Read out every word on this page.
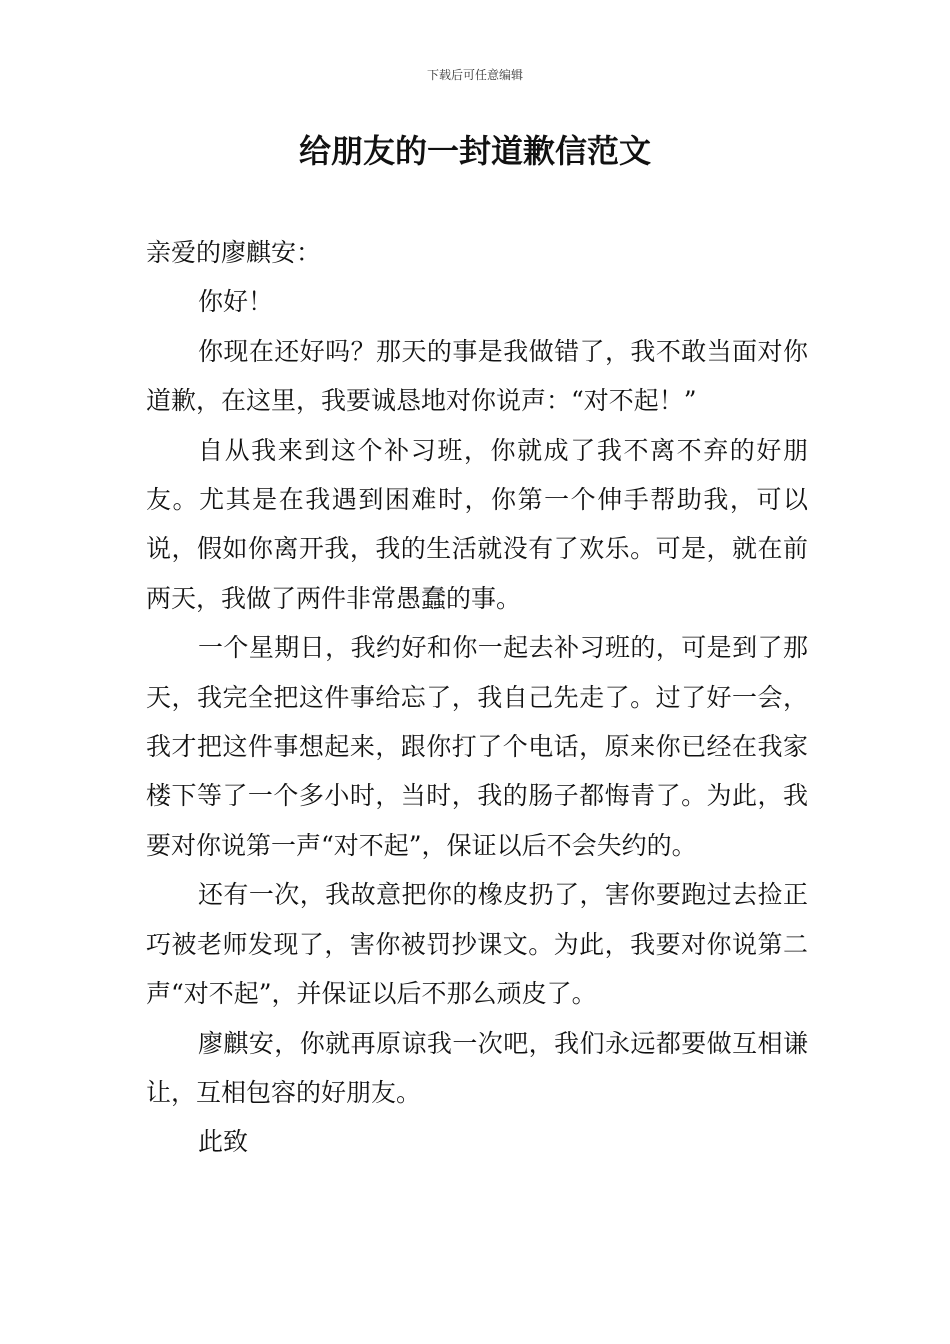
下载后可任意编辑
给朋友的一封道歉信范文

亲爱的廖麒安：

你好！

你现在还好吗？那天的事是我做错了，我不敢当面对你道歉，在这里，我要诚恳地对你说声：“对不起！”

自从我来到这个补习班，你就成了我不离不弃的好朋友。尤其是在我遇到困难时，你第一个伸手帮助我，可以说，假如你离开我，我的生活就没有了欢乐。可是，就在前两天，我做了两件非常愚蠢的事。

一个星期日，我约好和你一起去补习班的，可是到了那天，我完全把这件事给忘了，我自己先走了。过了好一会，我才把这件事想起来，跟你打了个电话，原来你已经在我家楼下等了一个多小时，当时，我的肠子都悔青了。为此，我要对你说第一声“对不起”，保证以后不会失约的。

还有一次，我故意把你的橡皮扔了，害你要跑过去捡正巧被老师发现了，害你被罚抄课文。为此，我要对你说第二声“对不起”，并保证以后不那么顽皮了。

廖麒安，你就再原谅我一次吧，我们永远都要做互相谦让，互相包容的好朋友。

此致
